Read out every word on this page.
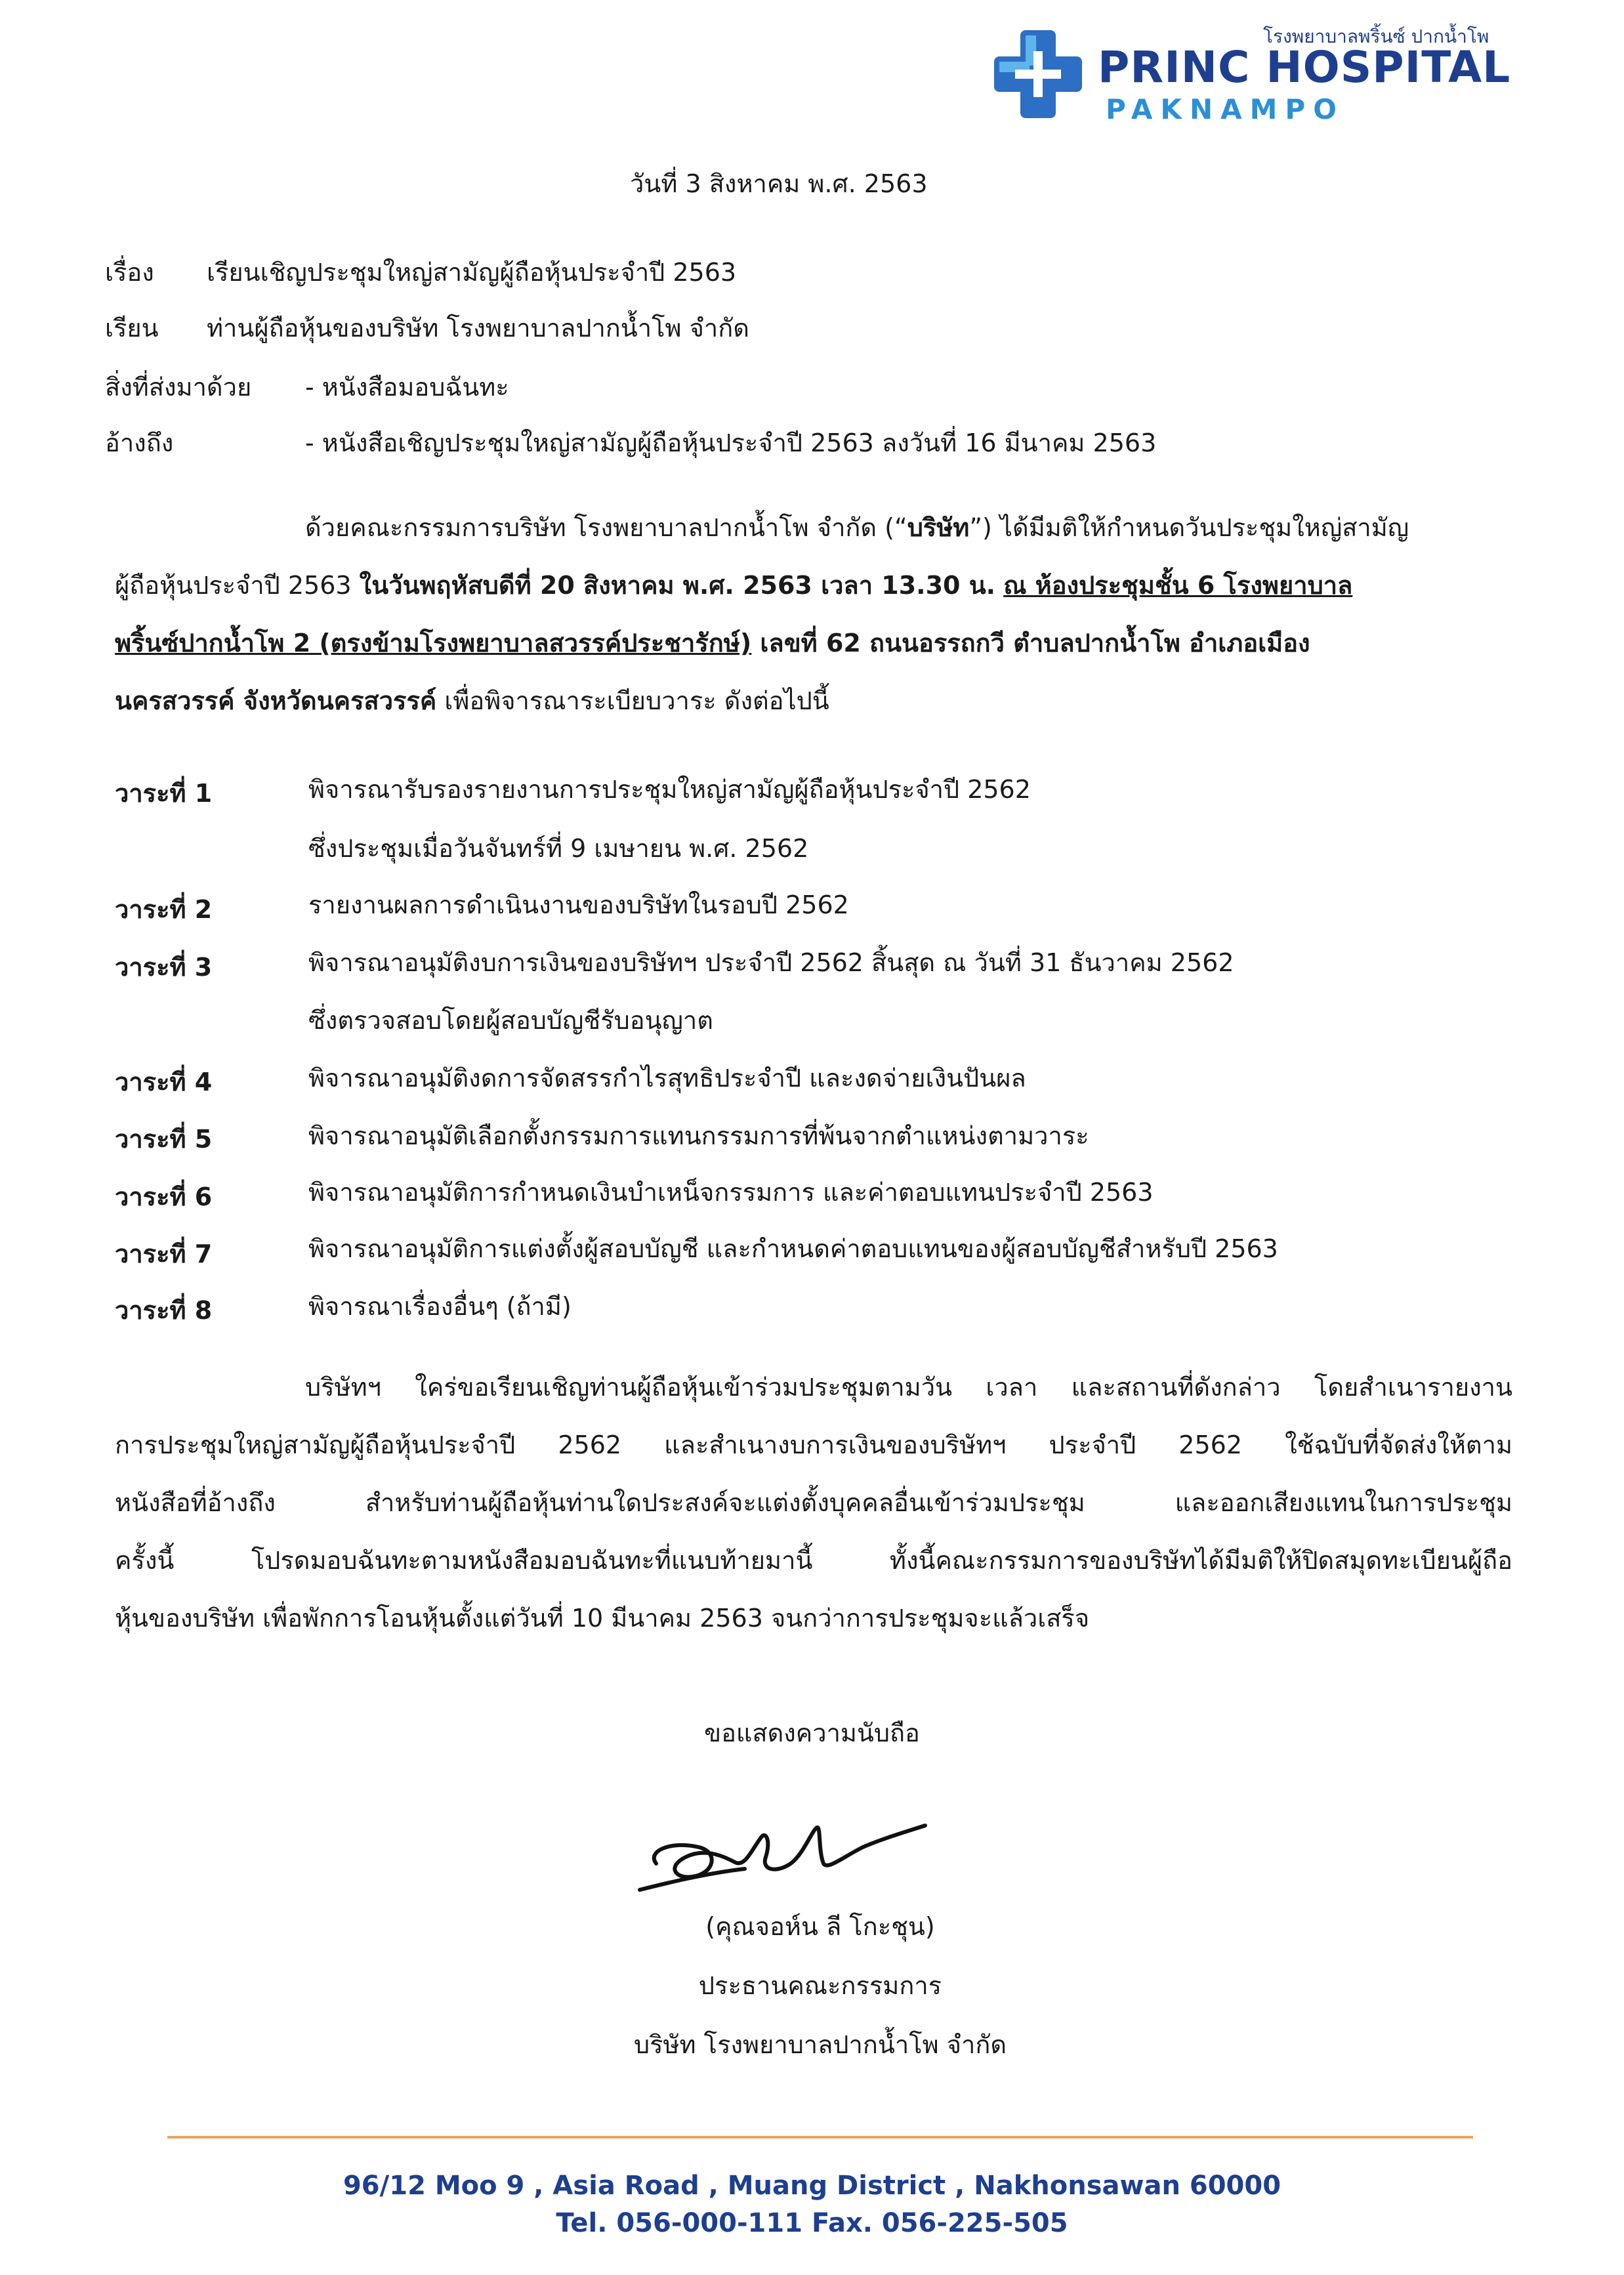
โรงพยาบาลพริ้นซ์ ปากน้ำโพ
PRINC HOSPITAL
PAKNAMPO
วันที่ 3 สิงหาคม พ.ศ. 2563
เรื่อง เรียนเชิญประชุมใหญ่สามัญผู้ถือหุ้นประจำปี 2563
เรียน ท่านผู้ถือหุ้นของบริษัท โรงพยาบาลปากน้ำโพ จำกัด
สิ่งที่ส่งมาด้วย - หนังสือมอบฉันทะ
อ้างถึง	- หนังสือเชิญประชุมใหญ่สามัญผู้ถือหุ้นประจำปี 2563 ลงวันที่ 16 มีนาคม 2563
ด้วยคณะกรรมการบริษัท โรงพยาบาลปากน้ำโพ จำกัด (“บริษัท”) ได้มีมติให้กำหนดวันประชุมใหญ่สามัญ
ผู้ถือหุ้นประจำปี 2563 ในวันพฤหัสบดีที่ 20 สิงหาคม พ.ศ. 2563 เวลา 13.30 น. ณ ห้องประชุมชั้น 6 โรงพยาบาล
พริ้นซ์ปากน้ำโพ 2 (ตรงข้ามโรงพยาบาลสวรรค์ประชารักษ์) เลขที่ 62 ถนนอรรถกวี ตำบลปากน้ำโพ อำเภอเมือง
นครสวรรค์ จังหวัดนครสวรรค์ เพื่อพิจารณาระเบียบวาระ ดังต่อไปนี้
วาระที่ 1	พิจารณารับรองรายงานการประชุมใหญ่สามัญผู้ถือหุ้นประจำปี 2562
ซึ่งประชุมเมื่อวันจันทร์ที่ 9 เมษายน พ.ศ. 2562
วาระที่ 2	รายงานผลการดำเนินงานของบริษัทในรอบปี 2562
วาระที่ 3	พิจารณาอนุมัติงบการเงินของบริษัทฯ ประจำปี 2562 สิ้นสุด ณ วันที่ 31 ธันวาคม 2562
ซึ่งตรวจสอบโดยผู้สอบบัญชีรับอนุญาต
วาระที่ 4	พิจารณาอนุมัติงดการจัดสรรกำไรสุทธิประจำปี และงดจ่ายเงินปันผล
วาระที่ 5	พิจารณาอนุมัติเลือกตั้งกรรมการแทนกรรมการที่พ้นจากตำแหน่งตามวาระ
วาระที่ 6	พิจารณาอนุมัติการกำหนดเงินบำเหน็จกรรมการ และค่าตอบแทนประจำปี 2563
วาระที่ 7	พิจารณาอนุมัติการแต่งตั้งผู้สอบบัญชี และกำหนดค่าตอบแทนของผู้สอบบัญชีสำหรับปี 2563
วาระที่ 8	พิจารณาเรื่องอื่นๆ (ถ้ามี)
บริษัทฯ ใคร่ขอเรียนเชิญท่านผู้ถือหุ้นเข้าร่วมประชุมตามวัน เวลา และสถานที่ดังกล่าว โดยสำเนารายงาน
การประชุมใหญ่สามัญผู้ถือหุ้นประจำปี 2562 และสำเนางบการเงินของบริษัทฯ ประจำปี 2562 ใช้ฉบับที่จัดส่งให้ตาม
หนังสือที่อ้างถึง สำหรับท่านผู้ถือหุ้นท่านใดประสงค์จะแต่งตั้งบุคคลอื่นเข้าร่วมประชุม และออกเสียงแทนในการประชุม
ครั้งนี้ โปรดมอบฉันทะตามหนังสือมอบฉันทะที่แนบท้ายมานี้ ทั้งนี้คณะกรรมการของบริษัทได้มีมติให้ปิดสมุดทะเบียนผู้ถือ
หุ้นของบริษัท เพื่อพักการโอนหุ้นตั้งแต่วันที่ 10 มีนาคม 2563 จนกว่าการประชุมจะแล้วเสร็จ
ขอแสดงความนับถือ
(คุณจอห์น ลี โกะชุน)
ประธานคณะกรรมการ
บริษัท โรงพยาบาลปากน้ำโพ จำกัด
96/12 Moo 9 , Asia Road , Muang District , Nakhonsawan 60000
Tel. 056-000-111 Fax. 056-225-505
